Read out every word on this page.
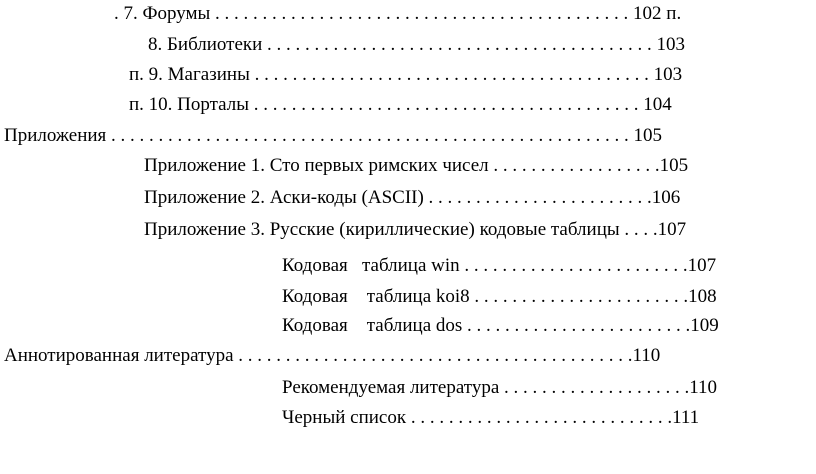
. 7. Форумы . . . . . . . . . . . . . . . . . . . . . . . . . . . . . . . . . . . . . . . . . . . . 102 п.
8. Библиотеки . . . . . . . . . . . . . . . . . . . . . . . . . . . . . . . . . . . . . . . . . 103
п. 9. Магазины . . . . . . . . . . . . . . . . . . . . . . . . . . . . . . . . . . . . . . . . . . 103
п. 10. Порталы . . . . . . . . . . . . . . . . . . . . . . . . . . . . . . . . . . . . . . . . . 104
Приложения . . . . . . . . . . . . . . . . . . . . . . . . . . . . . . . . . . . . . . . . . . . . . . . . . . . . . . . 105
Приложение 1. Сто первых римских чисел . . . . . . . . . . . . . . . . . .105
Приложение 2. Аски-коды (ASCII) . . . . . . . . . . . . . . . . . . . . . . . .106
Приложение 3. Русские (кириллические) кодовые таблицы . . . .107
Кодовая   таблица win . . . . . . . . . . . . . . . . . . . . . . . .107
Кодовая    таблица koi8 . . . . . . . . . . . . . . . . . . . . . . .108
Кодовая    таблица dos . . . . . . . . . . . . . . . . . . . . . . . .109
Аннотированная литература . . . . . . . . . . . . . . . . . . . . . . . . . . . . . . . . . . . . . . . . . .110
Рекомендуемая литература . . . . . . . . . . . . . . . . . . . .110
Черный список . . . . . . . . . . . . . . . . . . . . . . . . . . . .111
